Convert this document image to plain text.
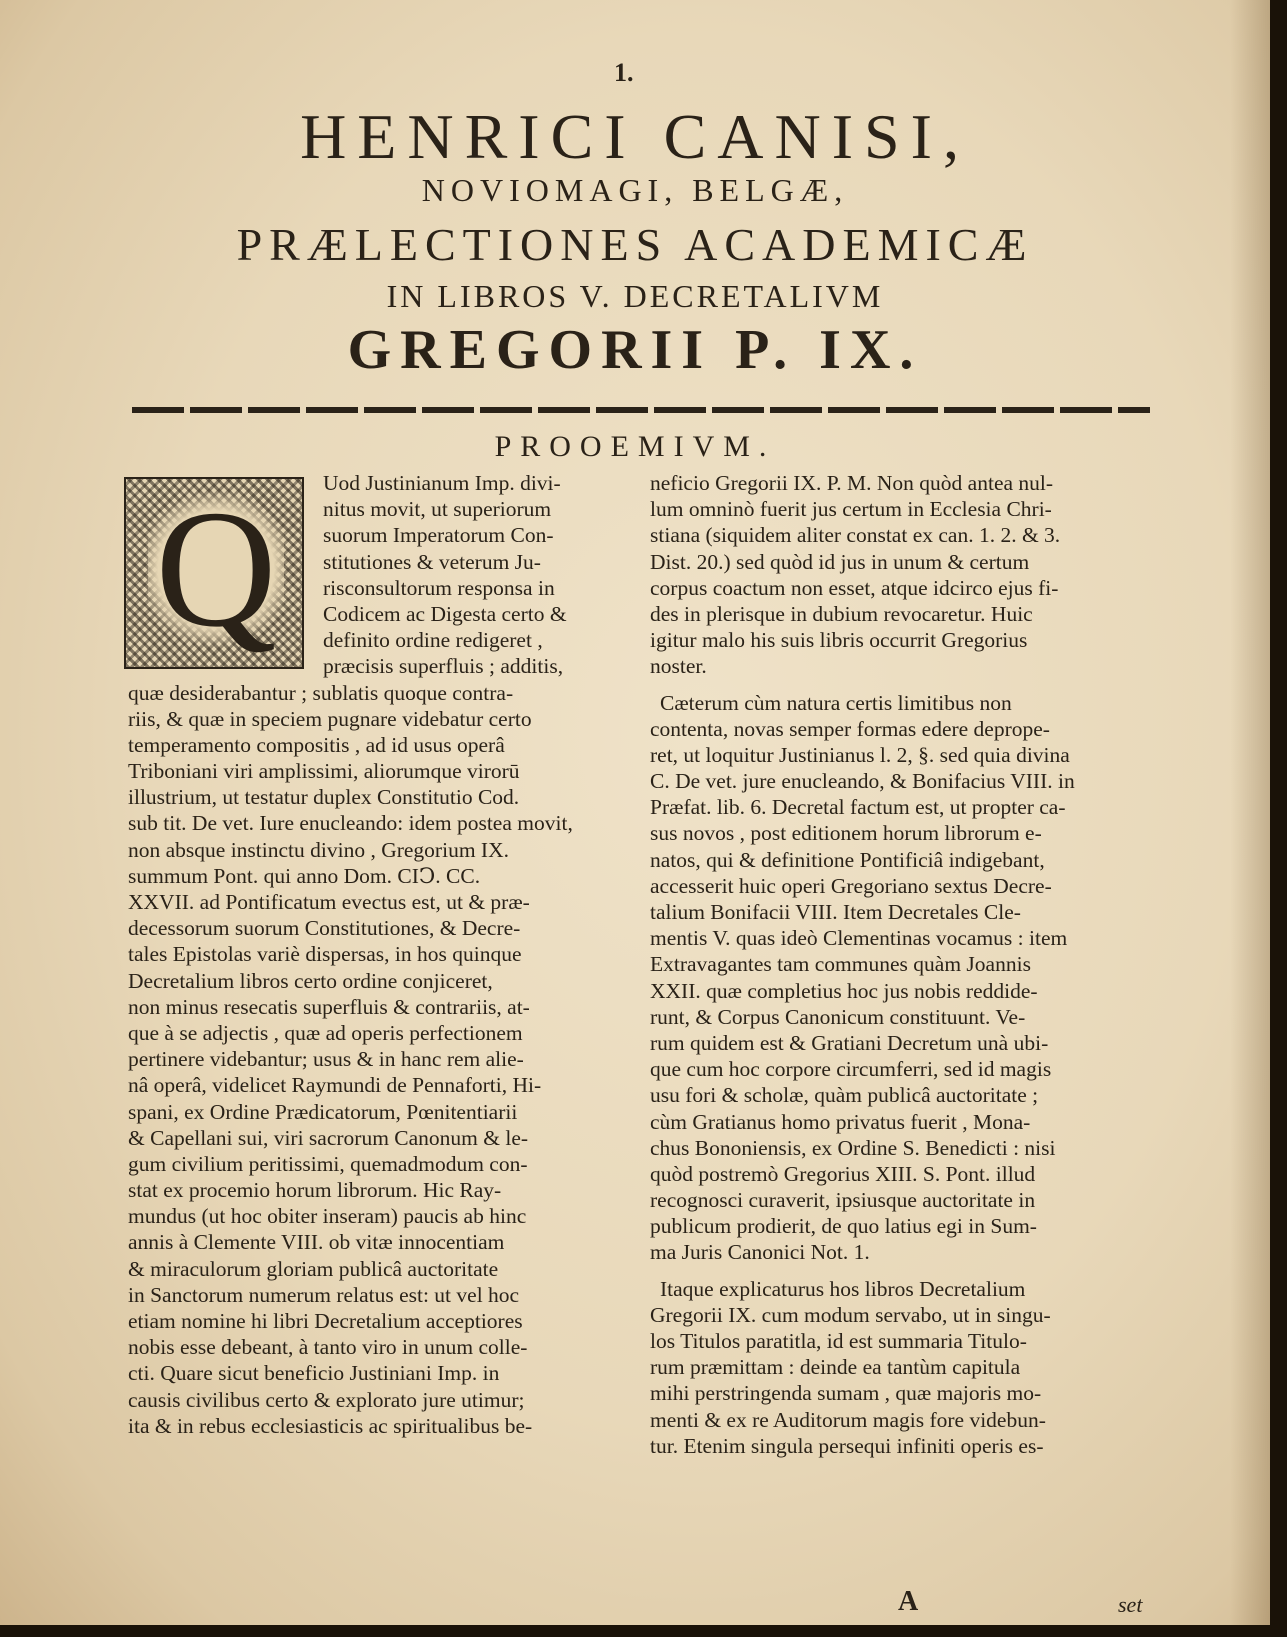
1.
HENRICI CANISI,
NOVIOMAGI, BELGÆ,
PRÆLECTIONES ACADEMICÆ
IN LIBROS V. DECRETALIVM
GREGORII P. IX.
PROOEMIVM.
Q	Uod Justinianum Imp. divi-
nitus movit, ut superiorum
suorum Imperatorum Con-
stitutiones & veterum Ju-
risconsultorum responsa in
Codicem ac Digesta certo &
definito ordine redigeret ,
præcisis superfluis ; additis,
quæ desiderabantur ; sublatis quoque contra-
riis, & quæ in speciem pugnare videbatur certo
temperamento compositis , ad id usus operâ
Triboniani viri amplissimi, aliorumque virorū
illustrium, ut testatur duplex Constitutio Cod.
sub tit. De vet. Iure enucleando: idem postea movit,
non absque instinctu divino , Gregorium IX.
summum Pont. qui anno Dom. CIↃ. CC.
XXVII. ad Pontificatum evectus est, ut & præ-
decessorum suorum Constitutiones, & Decre-
tales Epistolas variè dispersas, in hos quinque
Decretalium libros certo ordine conjiceret,
non minus resecatis superfluis & contrariis, at-
que à se adjectis , quæ ad operis perfectionem
pertinere videbantur; usus & in hanc rem alie-
nâ operâ, videlicet Raymundi de Pennaforti, Hi-
spani, ex Ordine Prædicatorum, Pœnitentiarii
& Capellani sui, viri sacrorum Canonum & le-
gum civilium peritissimi, quemadmodum con-
stat ex procemio horum librorum. Hic Ray-
mundus (ut hoc obiter inseram) paucis ab hinc
annis à Clemente VIII. ob vitæ innocentiam
& miraculorum gloriam publicâ auctoritate
in Sanctorum numerum relatus est: ut vel hoc
etiam nomine hi libri Decretalium acceptiores
nobis esse debeant, à tanto viro in unum colle-
cti. Quare sicut beneficio Justiniani Imp. in
causis civilibus certo & explorato jure utimur;
ita & in rebus ecclesiasticis ac spiritualibus be-
neficio Gregorii IX. P. M. Non quòd antea nul-
lum omninò fuerit jus certum in Ecclesia Chri-
stiana (siquidem aliter constat ex can. 1. 2. & 3.
Dist. 20.) sed quòd id jus in unum & certum
corpus coactum non esset, atque idcirco ejus fi-
des in plerisque in dubium revocaretur. Huic
igitur malo his suis libris occurrit Gregorius
noster.
Cæterum cùm natura certis limitibus non
contenta, novas semper formas edere deprope-
ret, ut loquitur Justinianus l. 2, §. sed quia divina
C. De vet. jure enucleando, & Bonifacius VIII. in
Præfat. lib. 6. Decretal factum est, ut propter ca-
sus novos , post editionem horum librorum e-
natos, qui & definitione Pontificiâ indigebant,
accesserit huic operi Gregoriano sextus Decre-
talium Bonifacii VIII. Item Decretales Cle-
mentis V. quas ideò Clementinas vocamus : item
Extravagantes tam communes quàm Joannis
XXII. quæ completius hoc jus nobis reddide-
runt, & Corpus Canonicum constituunt. Ve-
rum quidem est & Gratiani Decretum unà ubi-
que cum hoc corpore circumferri, sed id magis
usu fori & scholæ, quàm publicâ auctoritate ;
cùm Gratianus homo privatus fuerit , Mona-
chus Bononiensis, ex Ordine S. Benedicti : nisi
quòd postremò Gregorius XIII. S. Pont. illud
recognosci curaverit, ipsiusque auctoritate in
publicum prodierit, de quo latius egi in Sum-
ma Juris Canonici Not. 1.
Itaque explicaturus hos libros Decretalium
Gregorii IX. cum modum servabo, ut in singu-
los Titulos paratitla, id est summaria Titulo-
rum præmittam : deinde ea tantùm capitula
mihi perstringenda sumam , quæ majoris mo-
menti & ex re Auditorum magis fore videbun-
tur. Etenim singula persequi infiniti operis es-
A	set
